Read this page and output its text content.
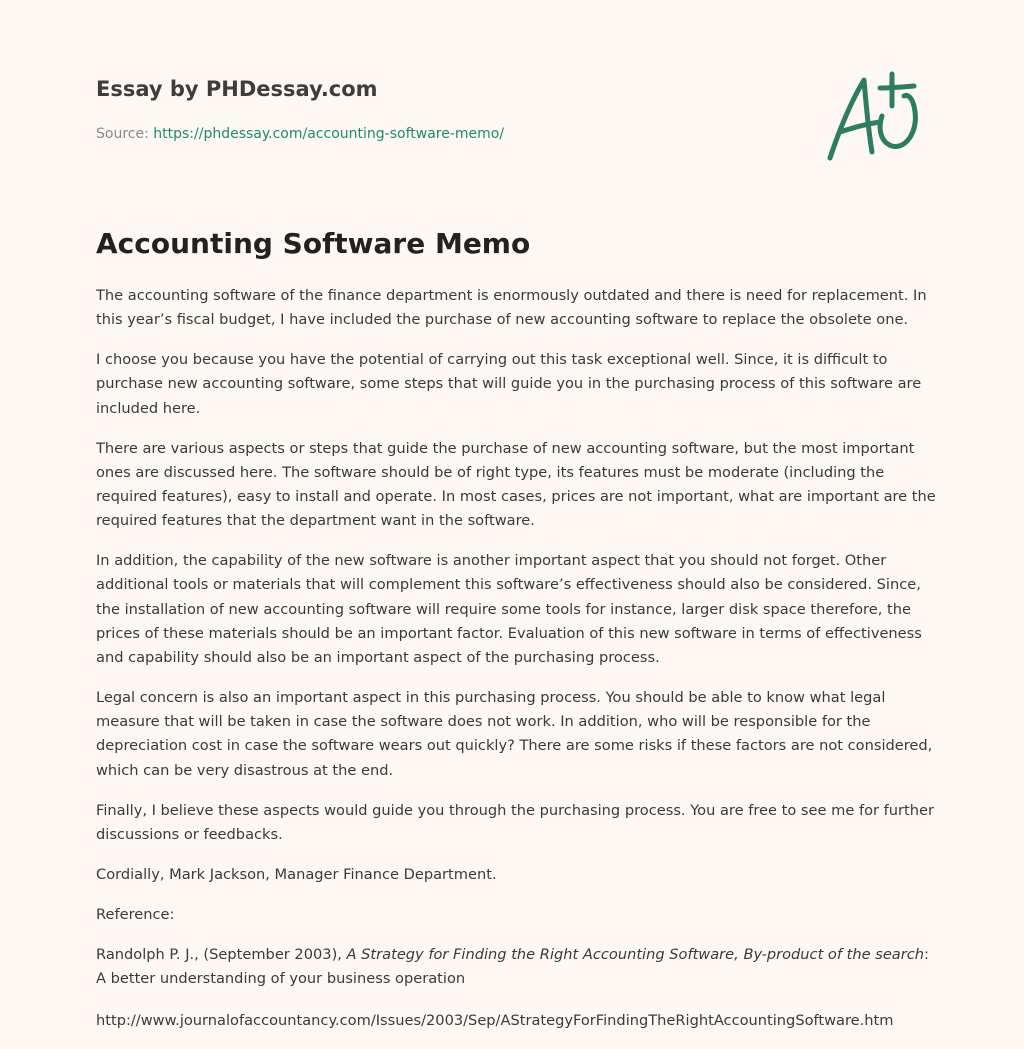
Essay by PHDessay.com
Source: https://phdessay.com/accounting-software-memo/
Accounting Software Memo

The accounting software of the finance department is enormously outdated and there is need for replacement. In this year’s fiscal budget, I have included the purchase of new accounting software to replace the obsolete one.

I choose you because you have the potential of carrying out this task exceptional well. Since, it is difficult to purchase new accounting software, some steps that will guide you in the purchasing process of this software are included here.

There are various aspects or steps that guide the purchase of new accounting software, but the most important ones are discussed here. The software should be of right type, its features must be moderate (including the required features), easy to install and operate. In most cases, prices are not important, what are important are the required features that the department want in the software.

In addition, the capability of the new software is another important aspect that you should not forget. Other additional tools or materials that will complement this software’s effectiveness should also be considered. Since, the installation of new accounting software will require some tools for instance, larger disk space therefore, the prices of these materials should be an important factor. Evaluation of this new software in terms of effectiveness and capability should also be an important aspect of the purchasing process.

Legal concern is also an important aspect in this purchasing process. You should be able to know what legal measure that will be taken in case the software does not work. In addition, who will be responsible for the depreciation cost in case the software wears out quickly? There are some risks if these factors are not considered, which can be very disastrous at the end.

Finally, I believe these aspects would guide you through the purchasing process. You are free to see me for further discussions or feedbacks.

Cordially, Mark Jackson, Manager Finance Department.

Reference:

Randolph P. J., (September 2003), A Strategy for Finding the Right Accounting Software, By-product of the search: A better understanding of your business operation

http://www.journalofaccountancy.com/Issues/2003/Sep/AStrategyForFindingTheRightAccountingSoftware.htm
